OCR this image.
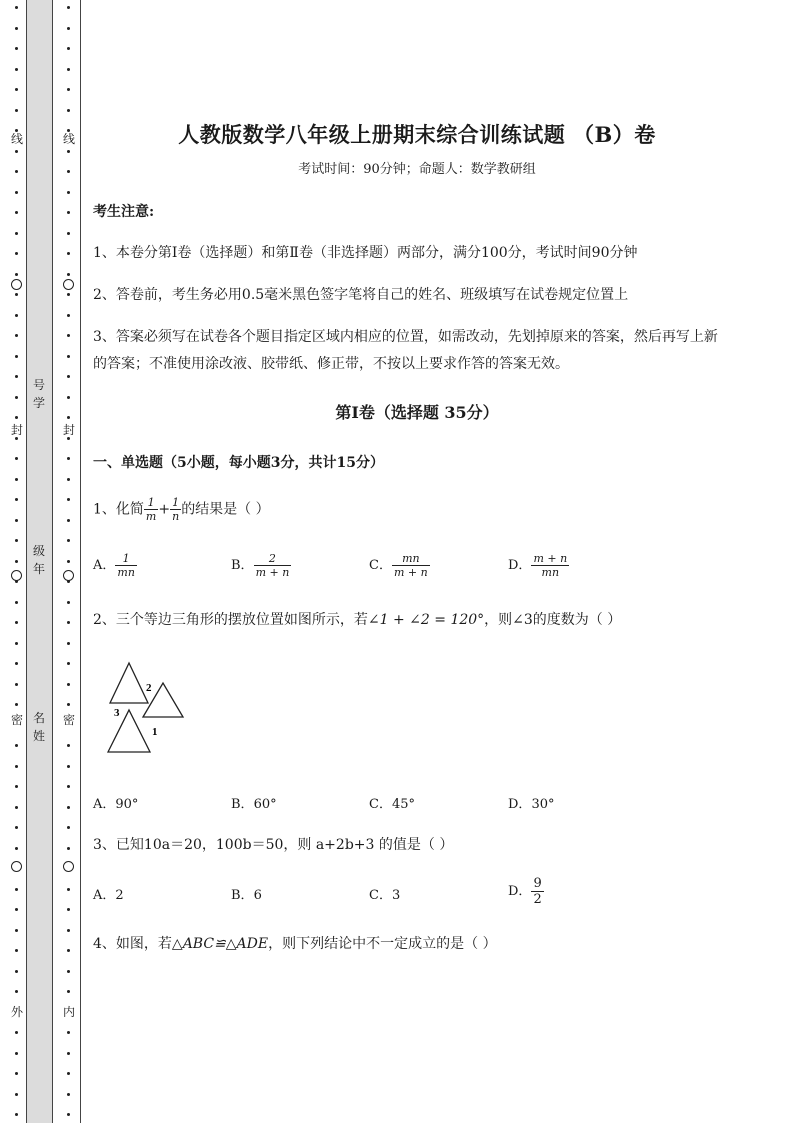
线
封
密
外
线
封
密
内
号学
级年
名姓
人教版数学八年级上册期末综合训练试题 （B）卷
考试时间：90分钟；命题人：数学教研组
考生注意:
1、本卷分第Ⅰ卷（选择题）和第Ⅱ卷（非选择题）两部分，满分100分，考试时间90分钟
2、答卷前，考生务必用0.5毫米黑色签字笔将自己的姓名、班级填写在试卷规定位置上
3、答案必须写在试卷各个题目指定区域内相应的位置，如需改动，先划掉原来的答案，然后再写上新
的答案；不准使用涂改液、胶带纸、修正带，不按以上要求作答的答案无效。
第Ⅰ卷（选择题 35分）
一、单选题（5小题，每小题3分，共计15分）
1、化简 $\frac{1}{m} + \frac{1}{n}$ 的结果是（ ）
A． $\frac{1}{mn}$	B． $\frac{2}{m + n}$	C． $\frac{mn}{m + n}$	D． $\frac{m + n}{mn}$
2、三个等边三角形的摆放位置如图所示，若∠1 + ∠2 = 120°，则∠3的度数为（ ）
2
3
1
A．90°	B．60°	C．45°	D．30°
3、已知10a＝20，100b＝50，则 a+2b+3 的值是（ ）
A．2	B．6	C．3	D． $\frac{9}{2}$
4、如图，若△ABC≌△ADE，则下列结论中不一定成立的是（ ）
